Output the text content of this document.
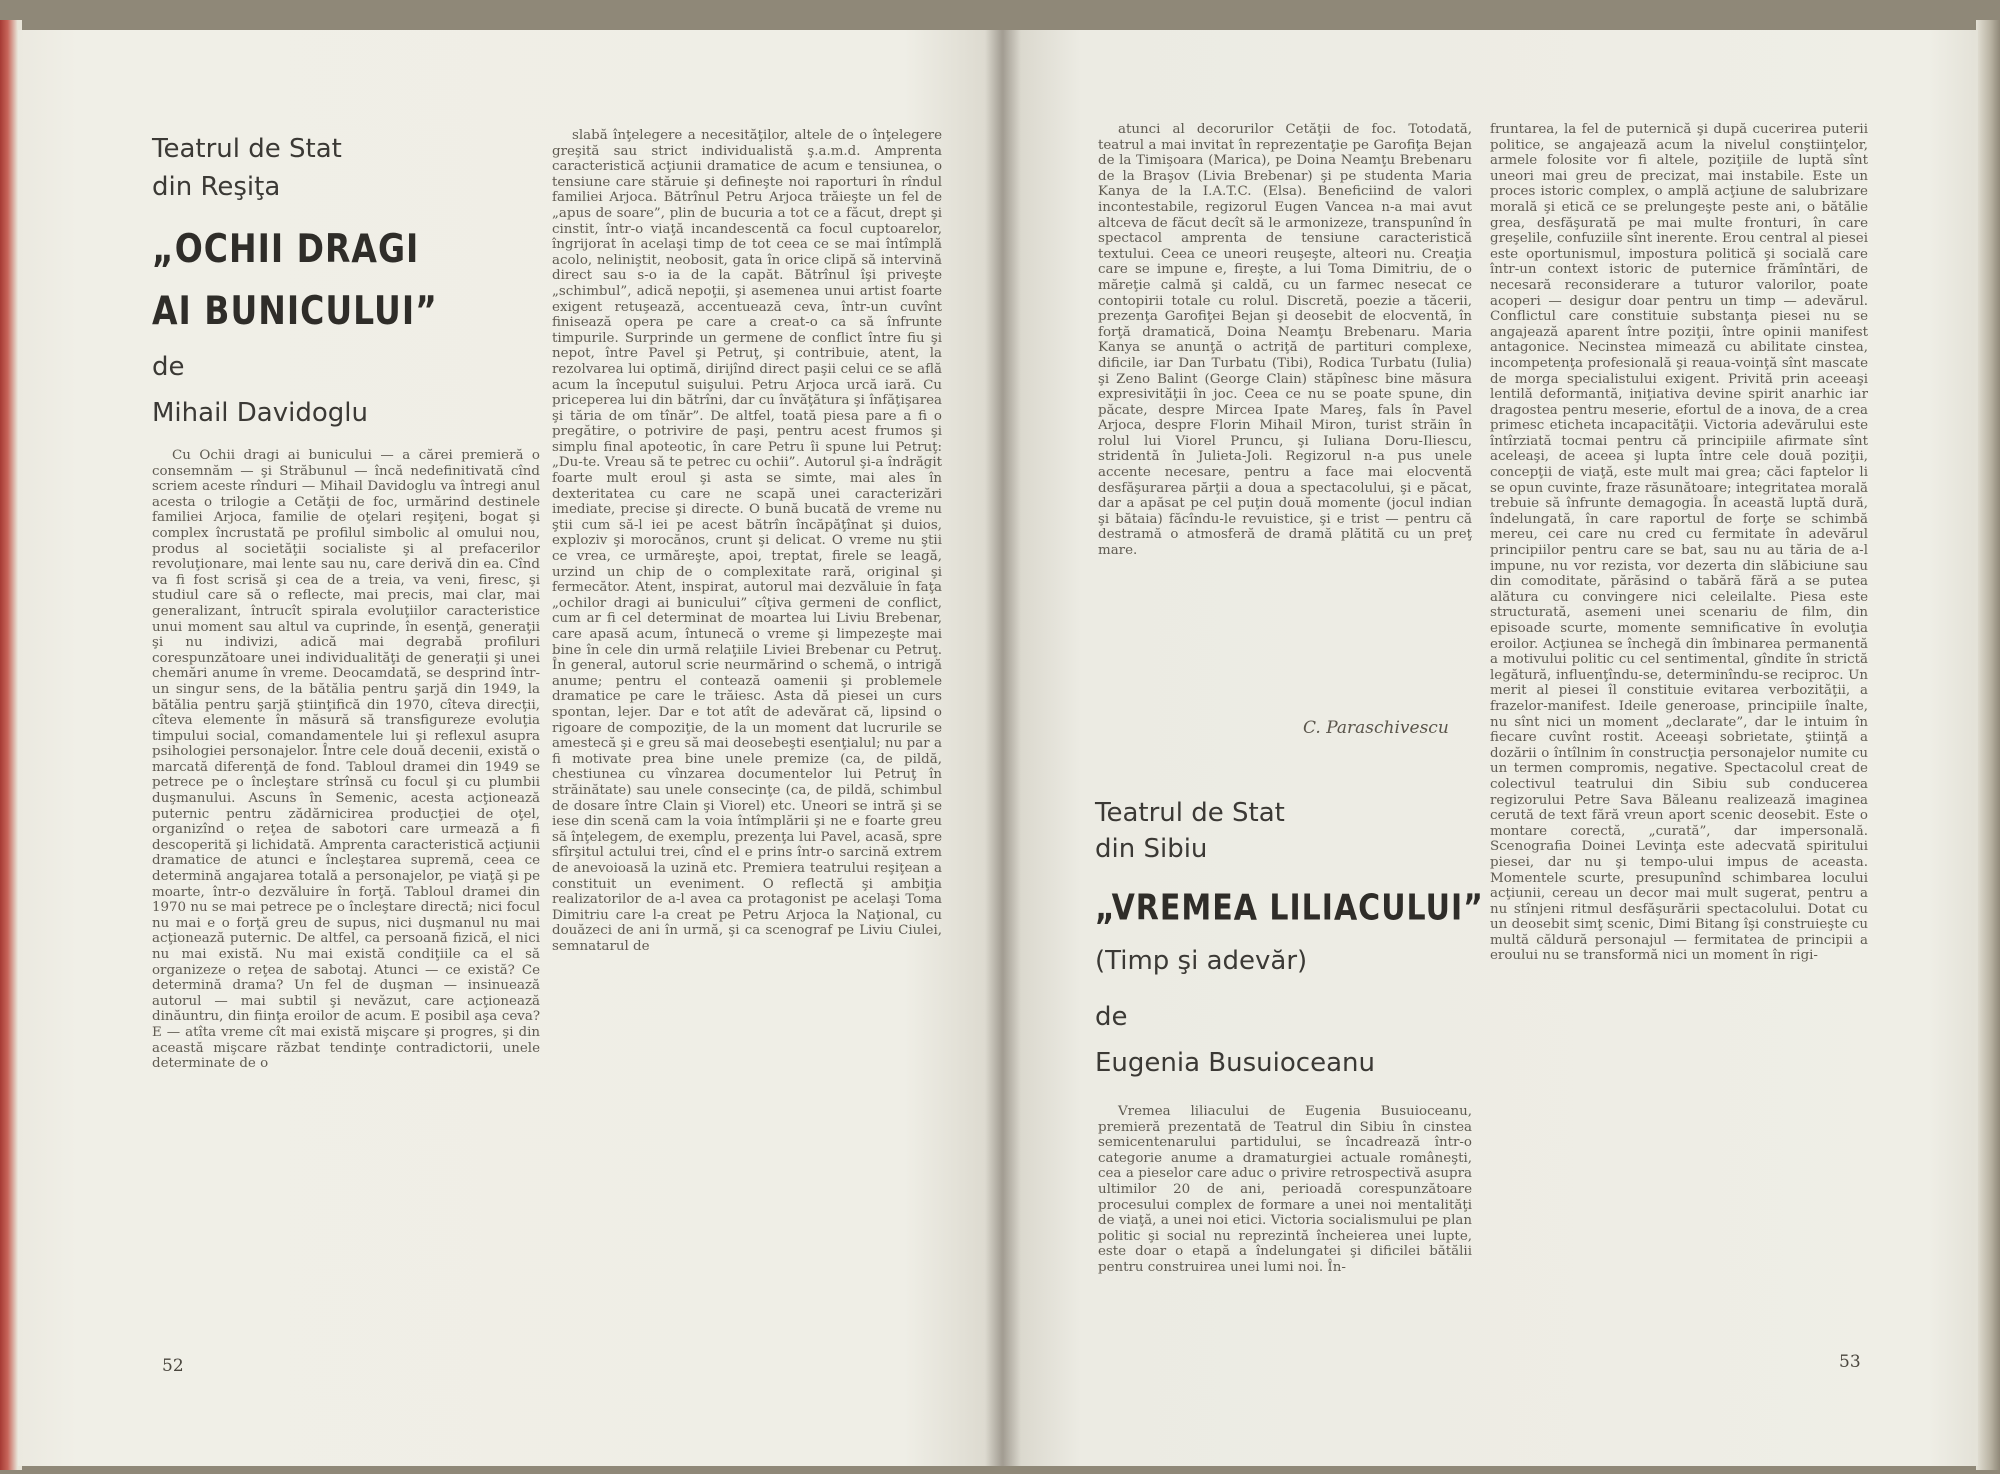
Teatrul de Stat
din Reşiţa
„OCHII DRAGI
AI BUNICULUI”
de
Mihail Davidoglu

Cu Ochii dragi ai bunicului — a cărei premieră o consemnăm — şi Străbunul — încă nedefinitivată cînd scriem aceste rînduri — Mihail Davidoglu va întregi anul acesta o trilogie a Cetăţii de foc, urmărind destinele familiei Arjoca, familie de oţelari reşiţeni, bogat şi complex încrustată pe profilul simbolic al omului nou, produs al societăţii socialiste şi al prefacerilor revoluţionare, mai lente sau nu, care derivă din ea. Cînd va fi fost scrisă şi cea de a treia, va veni, firesc, şi studiul care să o reflecte, mai precis, mai clar, mai generalizant, întrucît spirala evoluţiilor caracteristice unui moment sau altul va cuprinde, în esenţă, generaţii şi nu indivizi, adică mai degrabă profiluri corespunzătoare unei individualităţi de generaţii şi unei chemări anume în vreme. Deocamdată, se desprind într-un singur sens, de la bătălia pentru şarjă din 1949, la bătălia pentru şarjă ştiinţifică din 1970, cîteva direcţii, cîteva elemente în măsură să transfigureze evoluţia timpului social, comandamentele lui şi reflexul asupra psihologiei personajelor. Între cele două decenii, există o marcată diferenţă de fond. Tabloul dramei din 1949 se petrece pe o încleştare strînsă cu focul şi cu plumbii duşmanului. Ascuns în Semenic, acesta acţionează puternic pentru zădărnicirea producţiei de oţel, organizînd o reţea de sabotori care urmează a fi descoperită şi lichidată. Amprenta caracteristică acţiunii dramatice de atunci e încleştarea supremă, ceea ce determină angajarea totală a personajelor, pe viaţă şi pe moarte, într-o dezvăluire în forţă. Tabloul dramei din 1970 nu se mai petrece pe o încleştare directă; nici focul nu mai e o forţă greu de supus, nici duşmanul nu mai acţionează puternic. De altfel, ca persoană fizică, el nici nu mai există. Nu mai există condiţiile ca el să organizeze o reţea de sabotaj. Atunci — ce există? Ce determină drama? Un fel de duşman — insinuează autorul — mai subtil şi nevăzut, care acţionează dinăuntru, din fiinţa eroilor de acum. E posibil aşa ceva? E — atîta vreme cît mai există mişcare şi progres, şi din această mişcare răzbat tendinţe contradictorii, unele determinate de o

slabă înţelegere a necesităţilor, altele de o înţelegere greşită sau strict individualistă ş.a.m.d. Amprenta caracteristică acţiunii dramatice de acum e tensiunea, o tensiune care stăruie şi defineşte noi raporturi în rîndul familiei Arjoca. Bătrînul Petru Arjoca trăieşte un fel de „apus de soare”, plin de bucuria a tot ce a făcut, drept şi cinstit, într-o viaţă incandescentă ca focul cuptoarelor, îngrijorat în acelaşi timp de tot ceea ce se mai întîmplă acolo, neliniştit, neobosit, gata în orice clipă să intervină direct sau s-o ia de la capăt. Bătrînul îşi priveşte „schimbul”, adică nepoţii, şi asemenea unui artist foarte exigent retuşează, accentuează ceva, într-un cuvînt finisează opera pe care a creat-o ca să înfrunte timpurile. Surprinde un germene de conflict între fiu şi nepot, între Pavel şi Petruţ, şi contribuie, atent, la rezolvarea lui optimă, dirijînd direct paşii celui ce se află acum la începutul suişului. Petru Arjoca urcă iară. Cu priceperea lui din bătrîni, dar cu învăţătura şi înfăţişarea şi tăria de om tînăr”. De altfel, toată piesa pare a fi o pregătire, o potrivire de paşi, pentru acest frumos şi simplu final apoteotic, în care Petru îi spune lui Petruţ: „Du-te. Vreau să te petrec cu ochii”. Autorul şi-a îndrăgit foarte mult eroul şi asta se simte, mai ales în dexteritatea cu care ne scapă unei caracterizări imediate, precise şi directe. O bună bucată de vreme nu ştii cum să-l iei pe acest bătrîn încăpăţînat şi duios, exploziv şi morocănos, crunt şi delicat. O vreme nu ştii ce vrea, ce urmăreşte, apoi, treptat, firele se leagă, urzind un chip de o complexitate rară, original şi fermecător. Atent, inspirat, autorul mai dezvăluie în faţa „ochilor dragi ai bunicului” cîţiva germeni de conflict, cum ar fi cel determinat de moartea lui Liviu Brebenar, care apasă acum, întunecă o vreme şi limpezeşte mai bine în cele din urmă relaţiile Liviei Brebenar cu Petruţ. În general, autorul scrie neurmărind o schemă, o intrigă anume; pentru el contează oamenii şi problemele dramatice pe care le trăiesc. Asta dă piesei un curs spontan, lejer. Dar e tot atît de adevărat că, lipsind o rigoare de compoziţie, de la un moment dat lucrurile se amestecă şi e greu să mai deosebeşti esenţialul; nu par a fi motivate prea bine unele premize (ca, de pildă, chestiunea cu vînzarea documentelor lui Petruţ în străinătate) sau unele consecinţe (ca, de pildă, schimbul de dosare între Clain şi Viorel) etc. Uneori se intră şi se iese din scenă cam la voia întîmplării şi ne e foarte greu să înţelegem, de exemplu, prezenţa lui Pavel, acasă, spre sfîrşitul actului trei, cînd el e prins într-o sarcină extrem de anevoioasă la uzină etc. Premiera teatrului reşiţean a constituit un eveniment. O reflectă şi ambiţia realizatorilor de a-l avea ca protagonist pe acelaşi Toma Dimitriu care l-a creat pe Petru Arjoca la Naţional, cu douăzeci de ani în urmă, şi ca scenograf pe Liviu Ciulei, semnatarul de

52

atunci al decorurilor Cetăţii de foc. Totodată, teatrul a mai invitat în reprezentaţie pe Garofiţa Bejan de la Timişoara (Marica), pe Doina Neamţu Brebenaru de la Braşov (Livia Brebenar) şi pe studenta Maria Kanya de la I.A.T.C. (Elsa). Beneficiind de valori incontestabile, regizorul Eugen Vancea n-a mai avut altceva de făcut decît să le armonizeze, transpunînd în spectacol amprenta de tensiune caracteristică textului. Ceea ce uneori reuşeşte, alteori nu. Creaţia care se impune e, fireşte, a lui Toma Dimitriu, de o măreţie calmă şi caldă, cu un farmec nesecat ce contopirii totale cu rolul. Discretă, poezie a tăcerii, prezenţa Garofiţei Bejan şi deosebit de elocventă, în forţă dramatică, Doina Neamţu Brebenaru. Maria Kanya se anunţă o actriţă de partituri complexe, dificile, iar Dan Turbatu (Tibi), Rodica Turbatu (Iulia) şi Zeno Balint (George Clain) stăpînesc bine măsura expresivităţii în joc. Ceea ce nu se poate spune, din păcate, despre Mircea Ipate Mareş, fals în Pavel Arjoca, despre Florin Mihail Miron, turist străin în rolul lui Viorel Pruncu, şi Iuliana Doru-Iliescu, stridentă în Julieta-Joli. Regizorul n-a pus unele accente necesare, pentru a face mai elocventă desfăşurarea părţii a doua a spectacolului, şi e păcat, dar a apăsat pe cel puţin două momente (jocul indian şi bătaia) făcîndu-le revuistice, şi e trist — pentru că destramă o atmosferă de dramă plătită cu un preţ mare.

C. Paraschivescu
Teatrul de Stat
din Sibiu
„VREMEA LILIACULUI”
(Timp şi adevăr)
de
Eugenia Busuioceanu

Vremea liliacului de Eugenia Busuioceanu, premieră prezentată de Teatrul din Sibiu în cinstea semicentenarului partidului, se încadrează într-o categorie anume a dramaturgiei actuale româneşti, cea a pieselor care aduc o privire retrospectivă asupra ultimilor 20 de ani, perioadă corespunzătoare procesului complex de formare a unei noi mentalităţi de viaţă, a unei noi etici. Victoria socialismului pe plan politic şi social nu reprezintă încheierea unei lupte, este doar o etapă a îndelungatei şi dificilei bătălii pentru construirea unei lumi noi. În-

fruntarea, la fel de puternică şi după cucerirea puterii politice, se angajează acum la nivelul conştiinţelor, armele folosite vor fi altele, poziţiile de luptă sînt uneori mai greu de precizat, mai instabile. Este un proces istoric complex, o amplă acţiune de salubrizare morală şi etică ce se prelungeşte peste ani, o bătălie grea, desfăşurată pe mai multe fronturi, în care greşelile, confuziile sînt inerente. Erou central al piesei este oportunismul, impostura politică şi socială care într-un context istoric de puternice frămîntări, de necesară reconsiderare a tuturor valorilor, poate acoperi — desigur doar pentru un timp — adevărul. Conflictul care constituie substanţa piesei nu se angajează aparent între poziţii, între opinii manifest antagonice. Necinstea mimează cu abilitate cinstea, incompetenţa profesională şi reaua-voinţă sînt mascate de morga specialistului exigent. Privită prin aceeaşi lentilă deformantă, iniţiativa devine spirit anarhic iar dragostea pentru meserie, efortul de a inova, de a crea primesc eticheta incapacităţii. Victoria adevărului este întîrziată tocmai pentru că principiile afirmate sînt aceleaşi, de aceea şi lupta între cele două poziţii, concepţii de viaţă, este mult mai grea; căci faptelor li se opun cuvinte, fraze răsunătoare; integritatea morală trebuie să înfrunte demagogia. În această luptă dură, îndelungată, în care raportul de forţe se schimbă mereu, cei care nu cred cu fermitate în adevărul principiilor pentru care se bat, sau nu au tăria de a-l impune, nu vor rezista, vor dezerta din slăbiciune sau din comoditate, părăsind o tabără fără a se putea alătura cu convingere nici celeilalte. Piesa este structurată, asemeni unei scenariu de film, din episoade scurte, momente semnificative în evoluţia eroilor. Acţiunea se închegă din îmbinarea permanentă a motivului politic cu cel sentimental, gîndite în strictă legătură, influenţîndu-se, determinîndu-se reciproc. Un merit al piesei îl constituie evitarea verbozităţii, a frazelor-manifest. Ideile generoase, principiile înalte, nu sînt nici un moment „declarate”, dar le intuim în fiecare cuvînt rostit. Aceeaşi sobrietate, ştiinţă a dozării o întîlnim în construcţia personajelor numite cu un termen compromis, negative. Spectacolul creat de colectivul teatrului din Sibiu sub conducerea regizorului Petre Sava Băleanu realizează imaginea cerută de text fără vreun aport scenic deosebit. Este o montare corectă, „curată”, dar impersonală. Scenografia Doinei Levinţa este adecvată spiritului piesei, dar nu şi tempo-ului impus de aceasta. Momentele scurte, presupunînd schimbarea locului acţiunii, cereau un decor mai mult sugerat, pentru a nu stînjeni ritmul desfăşurării spectacolului. Dotat cu un deosebit simţ scenic, Dimi Bitang îşi construieşte cu multă căldură personajul — fermitatea de principii a eroului nu se transformă nici un moment în rigi-

53
